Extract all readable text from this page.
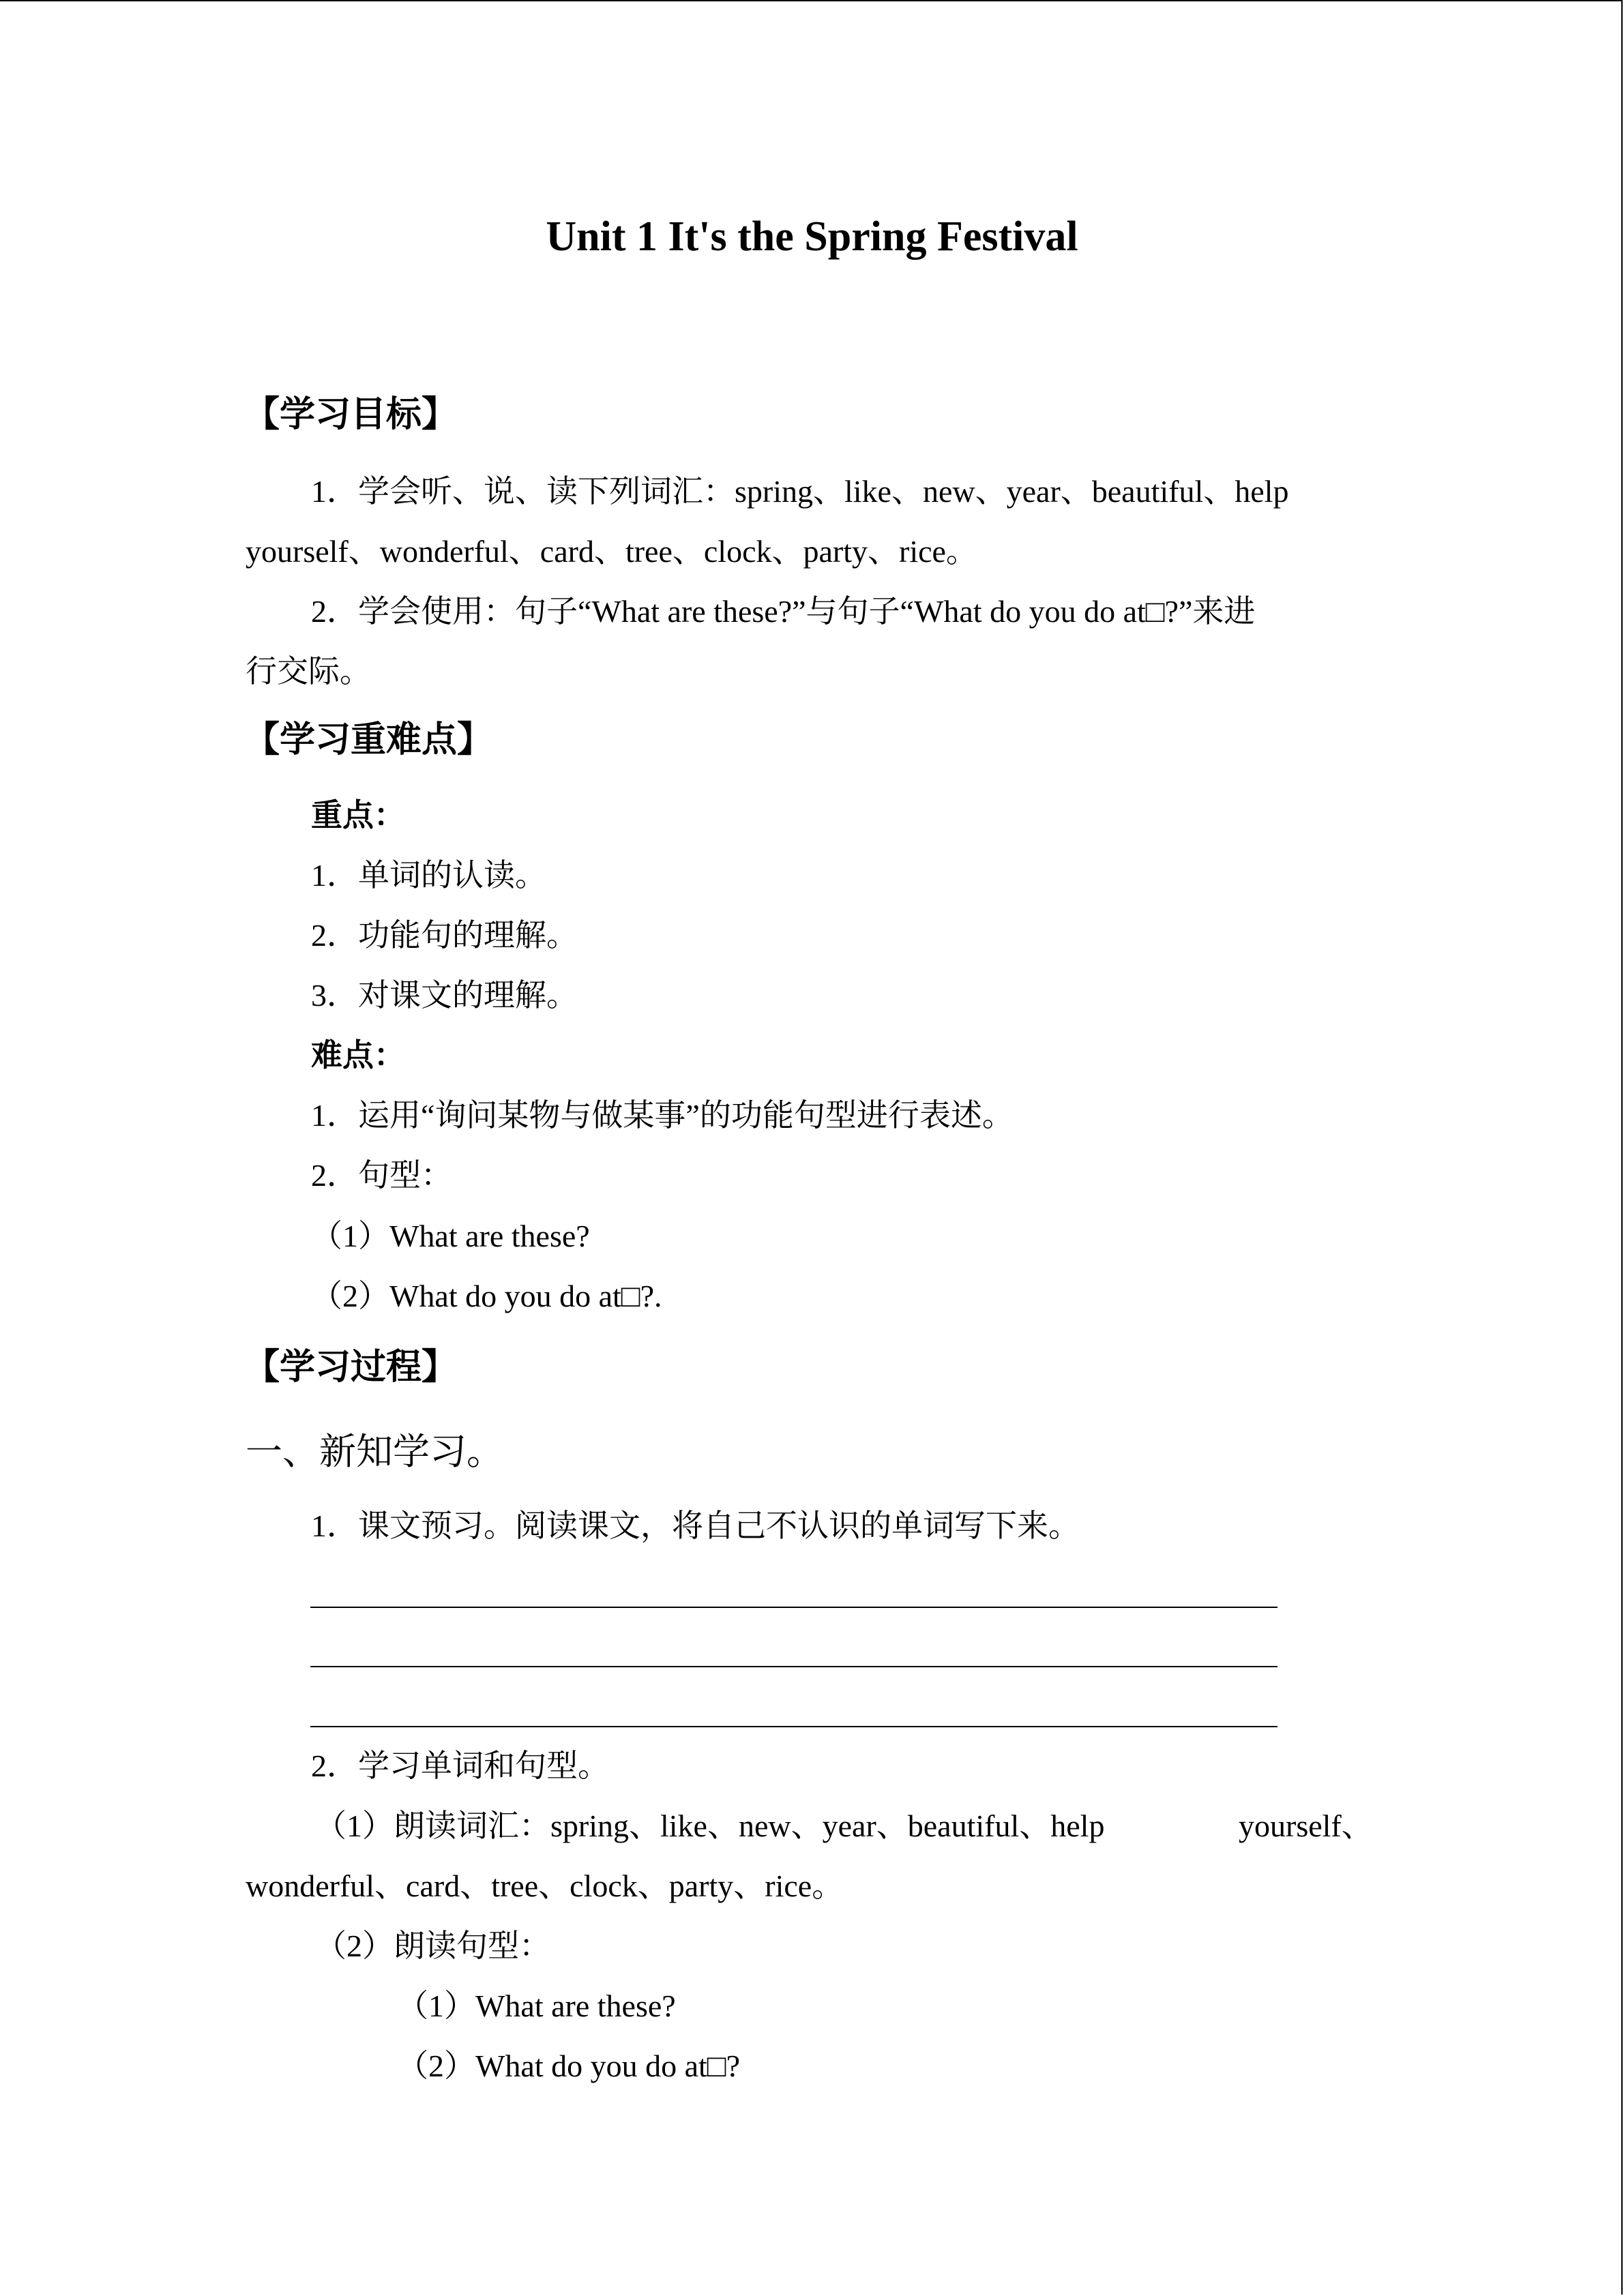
Unit 1 It's the Spring Festival
【学习目标】
1．学会听、说、读下列词汇：spring、like、new、year、beautiful、help
yourself、wonderful、card、tree、clock、party、rice。
2．学会使用：句子“What are these?”与句子“What do you do at□?”来进
行交际。
【学习重难点】
重点：
1．单词的认读。
2．功能句的理解。
3．对课文的理解。
难点：
1．运用“询问某物与做某事”的功能句型进行表述。
2．句型：
（1）What are these?
（2）What do you do at□?.
【学习过程】
一、新知学习。
1．课文预习。阅读课文，将自己不认识的单词写下来。
2．学习单词和句型。
（1）朗读词汇：spring、like、new、year、beautiful、help	yourself、
wonderful、card、tree、clock、party、rice。
（2）朗读句型：
（1）What are these?
（2）What do you do at□?
